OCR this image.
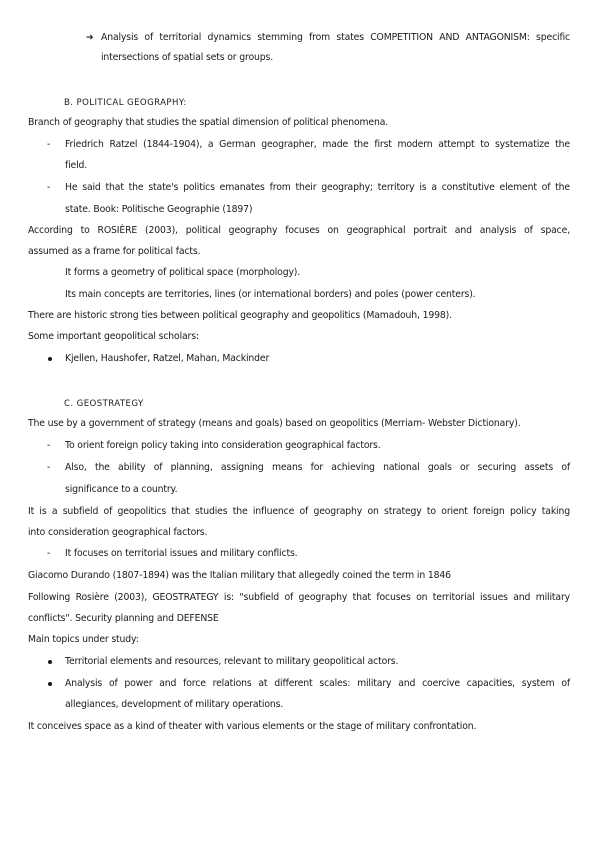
➔ Analysis of territorial dynamics stemming from states COMPETITION AND ANTAGONISM: specific
intersections of spatial sets or groups.
B. POLITICAL GEOGRAPHY:
Branch of geography that studies the spatial dimension of political phenomena.
- Friedrich Ratzel (1844-1904), a German geographer, made the first modern attempt to systematize the
field.
- He said that the state's politics emanates from their geography; territory is a constitutive element of the
state. Book: Politische Geographie (1897)
According to ROSIÈRE (2003), political geography focuses on geographical portrait and analysis of space,
assumed as a frame for political facts.
It forms a geometry of political space (morphology).
Its main concepts are territories, lines (or international borders) and poles (power centers).
There are historic strong ties between political geography and geopolitics (Mamadouh, 1998).
Some important geopolitical scholars:
Kjellen, Haushofer, Ratzel, Mahan, Mackinder
C. GEOSTRATEGY
The use by a government of strategy (means and goals) based on geopolitics (Merriam- Webster Dictionary).
- To orient foreign policy taking into consideration geographical factors.
- Also, the ability of planning, assigning means for achieving national goals or securing assets of
significance to a country.
It is a subfield of geopolitics that studies the influence of geography on strategy to orient foreign policy taking
into consideration geographical factors.
- It focuses on territorial issues and military conflicts.
Giacomo Durando (1807-1894) was the Italian military that allegedly coined the term in 1846
Following Rosière (2003), GEOSTRATEGY is: "subfield of geography that focuses on territorial issues and military
conflicts". Security planning and DEFENSE
Main topics under study:
Territorial elements and resources, relevant to military geopolitical actors.
Analysis of power and force relations at different scales: military and coercive capacities, system of
allegiances, development of military operations.
It conceives space as a kind of theater with various elements or the stage of military confrontation.
